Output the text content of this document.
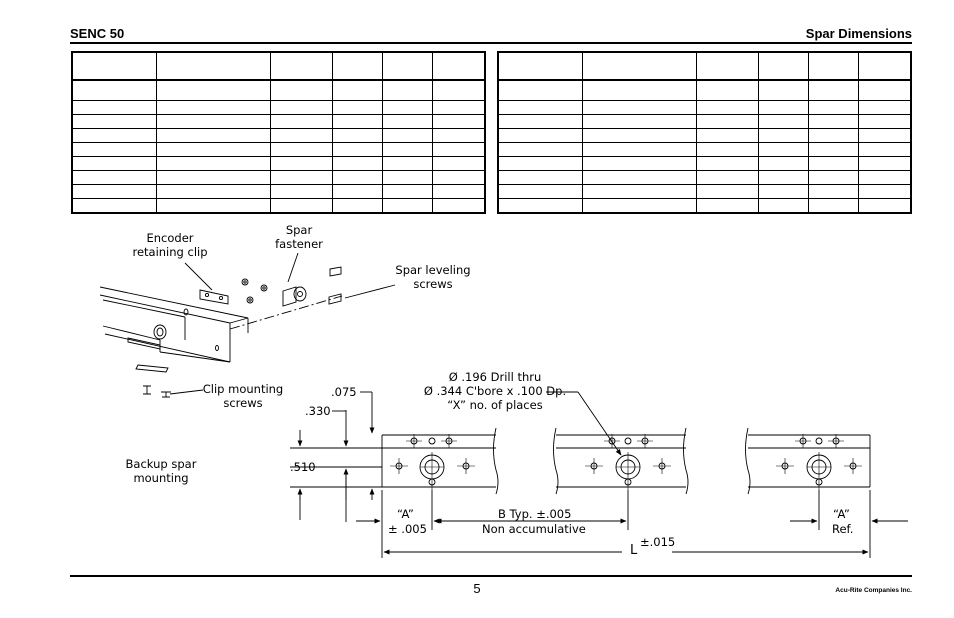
SENC 50	Spar Dimensions

Encoder
retaining clip
Spar
fastener
Spar leveling
screws
Clip mounting
screws
Backup spar
mounting
Ø .196 Drill thru
Ø .344 C'bore x .100 Dp.
“X” no. of places
.075
.330
.510
“A”
± .005
B Typ. ±.005
Non accumulative
“A”
Ref.
L
±.015
5	Acu-Rite Companies Inc.
